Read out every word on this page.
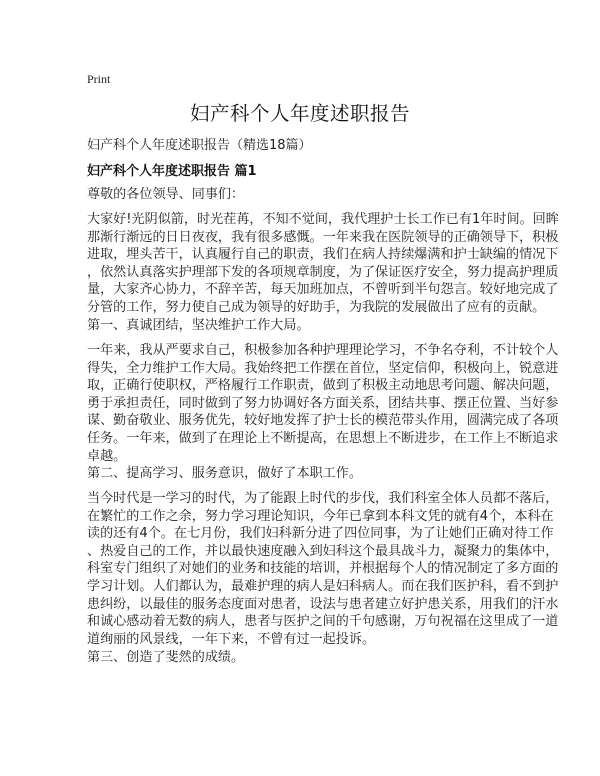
Print
妇产科个人年度述职报告
妇产科个人年度述职报告（精选18篇）
妇产科个人年度述职报告 篇1
尊敬的各位领导、同事们：
大家好!光阴似箭，时光茬苒，不知不觉间，我代理护士长工作已有1年时间。回眸
那渐行渐远的日日夜夜，我有很多感慨。一年来我在医院领导的正确领导下，积极
进取，埋头苦干，认真履行自己的职责，我们在病人持续爆满和护士缺编的情况下
，依然认真落实护理部下发的各项规章制度，为了保证医疗安全，努力提高护理质
量，大家齐心协力，不辞辛苦，每天加班加点，不曾听到半句怨言。较好地完成了
分管的工作，努力使自己成为领导的好助手，为我院的发展做出了应有的贡献。
第一、真诚团结，坚决维护工作大局。
一年来，我从严要求自己，积极参加各种护理理论学习，不争名夺利，不计较个人
得失，全力维护工作大局。我始终把工作摆在首位，坚定信仰，积极向上，锐意进
取，正确行使职权，严格履行工作职责，做到了积极主动地思考问题、解决问题，
勇于承担责任，同时做到了努力协调好各方面关系，团结共事、摆正位置、当好参
谋、勤奋敬业、服务优先，较好地发挥了护士长的模范带头作用，圆满完成了各项
任务。一年来，做到了在理论上不断提高，在思想上不断进步，在工作上不断追求
卓越。
第二、提高学习、服务意识，做好了本职工作。
当今时代是一学习的时代，为了能跟上时代的步伐，我们科室全体人员都不落后，
在繁忙的工作之余，努力学习理论知识，今年已拿到本科文凭的就有4个，本科在
读的还有4个。在七月份，我们妇科新分进了四位同事，为了让她们正确对待工作
、热爱自己的工作，并以最快速度融入到妇科这个最具战斗力，凝聚力的集体中，
科室专门组织了对她们的业务和技能的培训，并根据每个人的情况制定了多方面的
学习计划。人们都认为，最难护理的病人是妇科病人。而在我们医护科，看不到护
患纠纷，以最佳的服务态度面对患者，设法与患者建立好护患关系，用我们的汗水
和诚心感动着无数的病人，患者与医护之间的千句感谢，万句祝福在这里成了一道
道绚丽的风景线，一年下来，不曾有过一起投诉。
第三、创造了斐然的成绩。
